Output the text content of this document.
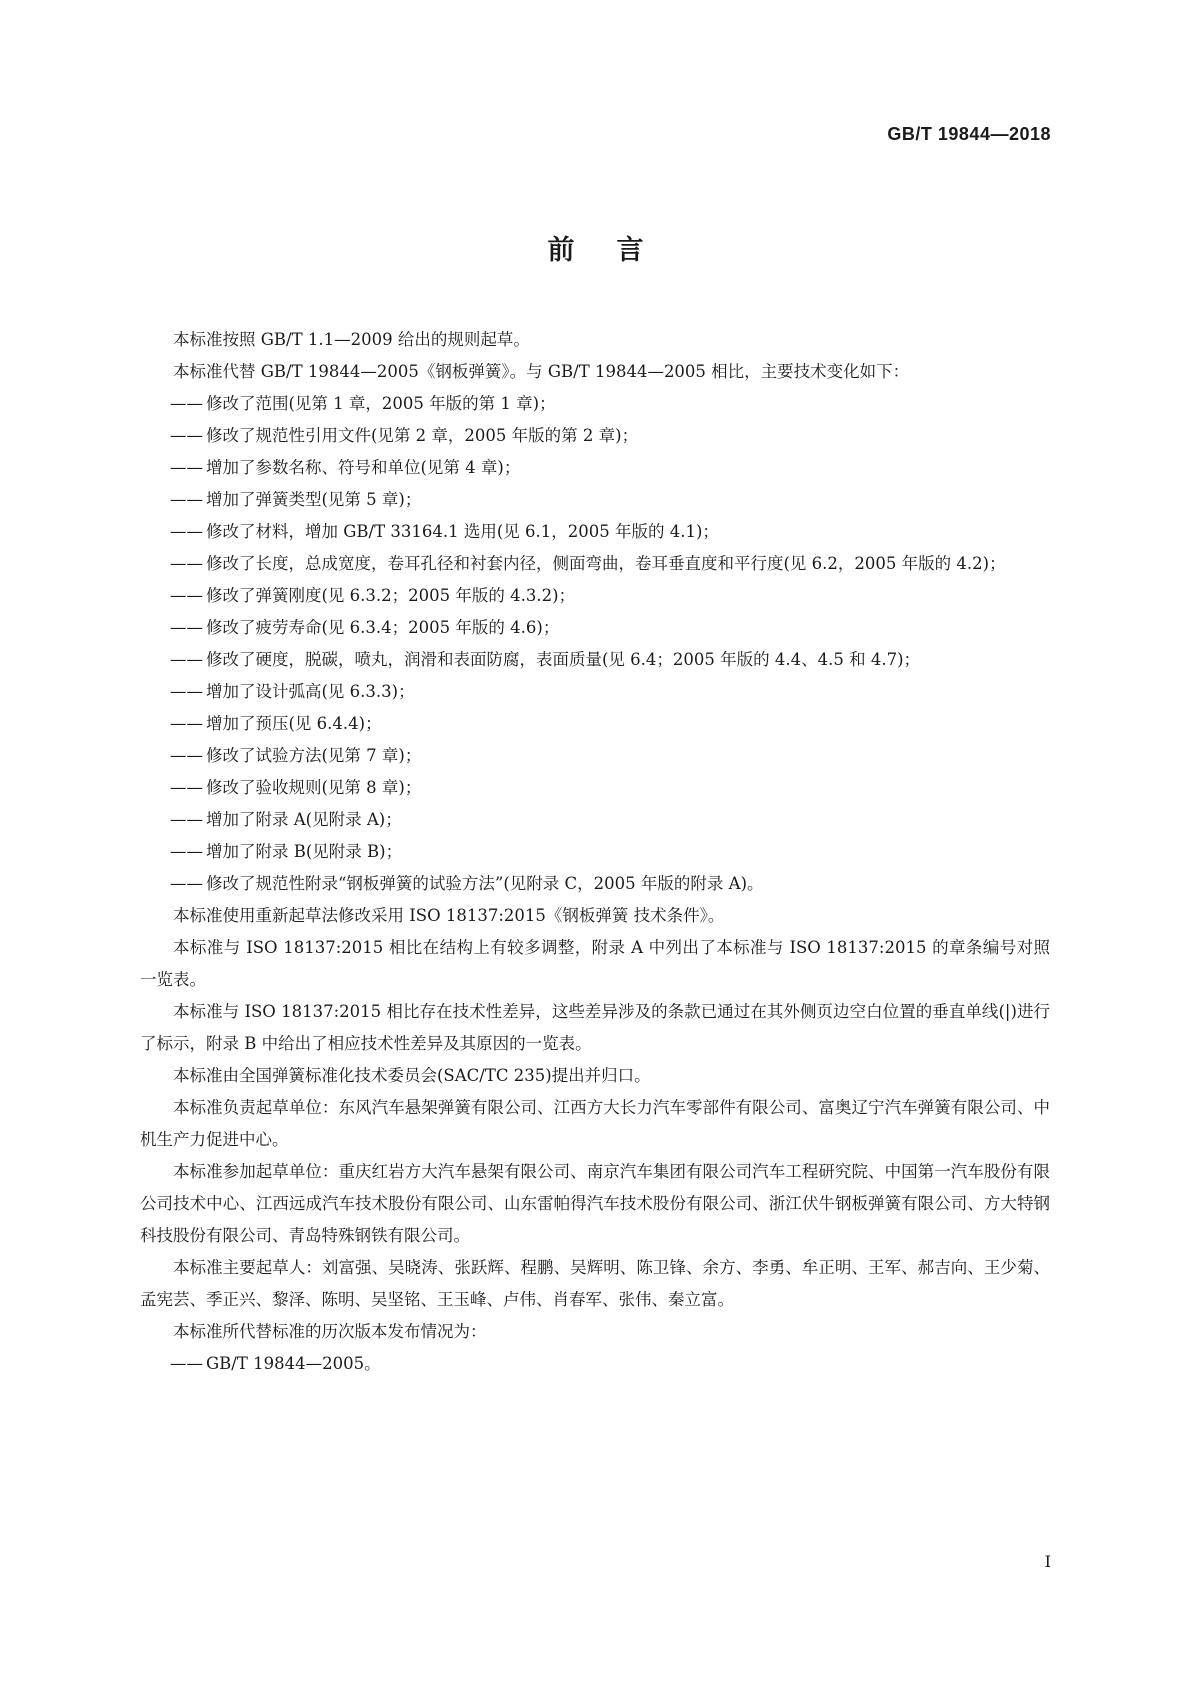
GB/T 19844—2018
前言

本标准按照 GB/T 1.1—2009 给出的规则起草。

本标准代替 GB/T 19844—2005《钢板弹簧》。与 GB/T 19844—2005 相比，主要技术变化如下：

—— 修改了范围(见第 1 章，2005 年版的第 1 章)；

—— 修改了规范性引用文件(见第 2 章，2005 年版的第 2 章)；

—— 增加了参数名称、符号和单位(见第 4 章)；

—— 增加了弹簧类型(见第 5 章)；

—— 修改了材料，增加 GB/T 33164.1 选用(见 6.1，2005 年版的 4.1)；

—— 修改了长度，总成宽度，卷耳孔径和衬套内径，侧面弯曲，卷耳垂直度和平行度(见 6.2，2005 年版的 4.2)；

—— 修改了弹簧刚度(见 6.3.2；2005 年版的 4.3.2)；

—— 修改了疲劳寿命(见 6.3.4；2005 年版的 4.6)；

—— 修改了硬度，脱碳，喷丸，润滑和表面防腐，表面质量(见 6.4；2005 年版的 4.4、4.5 和 4.7)；

—— 增加了设计弧高(见 6.3.3)；

—— 增加了预压(见 6.4.4)；

—— 修改了试验方法(见第 7 章)；

—— 修改了验收规则(见第 8 章)；

—— 增加了附录 A(见附录 A)；

—— 增加了附录 B(见附录 B)；

—— 修改了规范性附录“钢板弹簧的试验方法”(见附录 C，2005 年版的附录 A)。

本标准使用重新起草法修改采用 ISO 18137:2015《钢板弹簧 技术条件》。

本标准与 ISO 18137:2015 相比在结构上有较多调整，附录 A 中列出了本标准与 ISO 18137:2015 的章条编号对照一览表。

本标准与 ISO 18137:2015 相比存在技术性差异，这些差异涉及的条款已通过在其外侧页边空白位置的垂直单线(|)进行了标示，附录 B 中给出了相应技术性差异及其原因的一览表。

本标准由全国弹簧标准化技术委员会(SAC/TC 235)提出并归口。

本标准负责起草单位：东风汽车悬架弹簧有限公司、江西方大长力汽车零部件有限公司、富奥辽宁汽车弹簧有限公司、中机生产力促进中心。

本标准参加起草单位：重庆红岩方大汽车悬架有限公司、南京汽车集团有限公司汽车工程研究院、中国第一汽车股份有限公司技术中心、江西远成汽车技术股份有限公司、山东雷帕得汽车技术股份有限公司、浙江伏牛钢板弹簧有限公司、方大特钢科技股份有限公司、青岛特殊钢铁有限公司。

本标准主要起草人：刘富强、吴晓涛、张跃辉、程鹏、吴辉明、陈卫锋、余方、李勇、牟正明、王军、郝吉向、王少菊、孟宪芸、季正兴、黎泽、陈明、吴坚铭、王玉峰、卢伟、肖春军、张伟、秦立富。

本标准所代替标准的历次版本发布情况为：

—— GB/T 19844—2005。

I
